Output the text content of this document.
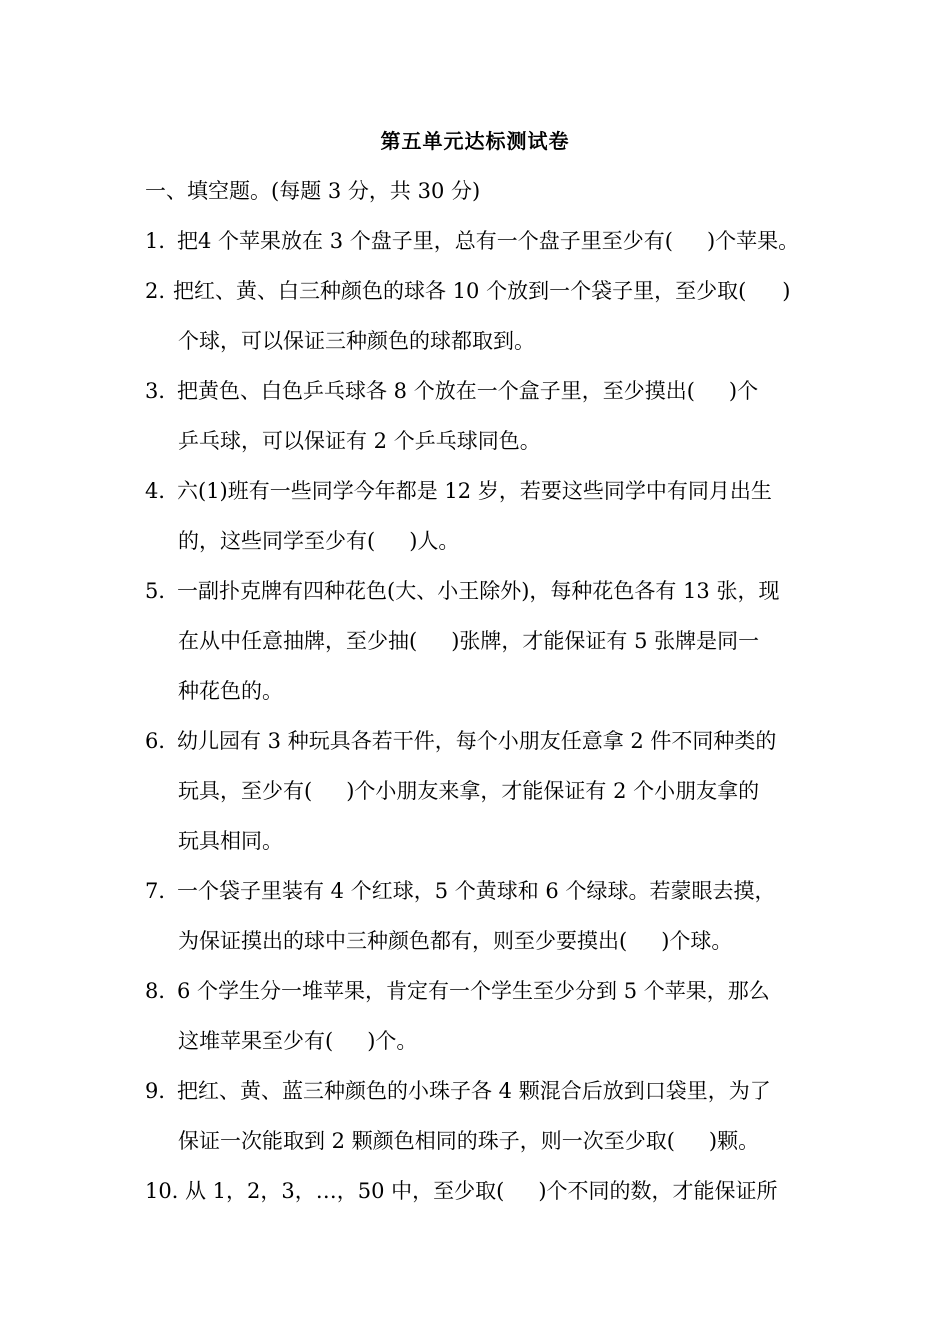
第五单元达标测试卷
一、填空题。(每题 3 分，共 30 分)
1．把4 个苹果放在 3 个盘子里，总有一个盘子里至少有( )个苹果。
2. 把红、黄、白三种颜色的球各 10 个放到一个袋子里，至少取( )
个球，可以保证三种颜色的球都取到。
3．把黄色、白色乒乓球各 8 个放在一个盒子里，至少摸出( )个
乒乓球，可以保证有 2 个乒乓球同色。
4．六(1)班有一些同学今年都是 12 岁，若要这些同学中有同月出生
的，这些同学至少有( )人。
5．一副扑克牌有四种花色(大、小王除外)，每种花色各有 13 张，现
在从中任意抽牌，至少抽( )张牌，才能保证有 5 张牌是同一
种花色的。
6．幼儿园有 3 种玩具各若干件，每个小朋友任意拿 2 件不同种类的
玩具，至少有( )个小朋友来拿，才能保证有 2 个小朋友拿的
玩具相同。
7．一个袋子里装有 4 个红球，5 个黄球和 6 个绿球。若蒙眼去摸，
为保证摸出的球中三种颜色都有，则至少要摸出( )个球。
8．6 个学生分一堆苹果，肯定有一个学生至少分到 5 个苹果，那么
这堆苹果至少有( )个。
9．把红、黄、蓝三种颜色的小珠子各 4 颗混合后放到口袋里，为了
保证一次能取到 2 颗颜色相同的珠子，则一次至少取( )颗。
10．从 1，2，3，…，50 中，至少取( )个不同的数，才能保证所
